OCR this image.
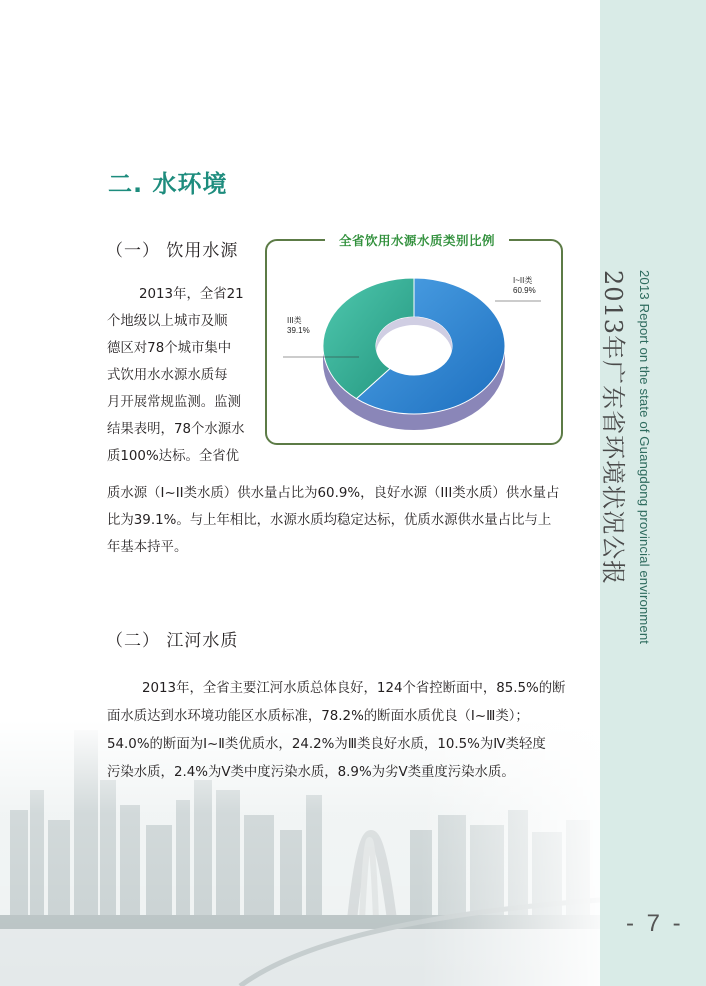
二. 水环境
（一） 饮用水源

2013年，全省21

个地级以上城市及顺

德区对78个城市集中

式饮用水水源水质每

月开展常规监测。监测

结果表明，78个水源水

质100%达标。全省优

质水源（I~II类水质）供水量占比为60.9%，良好水源（III类水质）供水量占

比为39.1%。与上年相比，水源水质均稳定达标，优质水源供水量占比与上

年基本持平。

全省饮用水源水质类别比例
I~II类
60.9%
III类
39.1%
（二） 江河水质

2013年，全省主要江河水质总体良好，124个省控断面中，85.5%的断

面水质达到水环境功能区水质标准，78.2%的断面水质优良（Ⅰ~Ⅲ类）；

54.0%的断面为Ⅰ~Ⅱ类优质水，24.2%为Ⅲ类良好水质，10.5%为Ⅳ类轻度

污染水质，2.4%为Ⅴ类中度污染水质，8.9%为劣Ⅴ类重度污染水质。

2013 Report on the state of Guangdong provincial environment
2013年广东省环境状况公报
- 7 -
